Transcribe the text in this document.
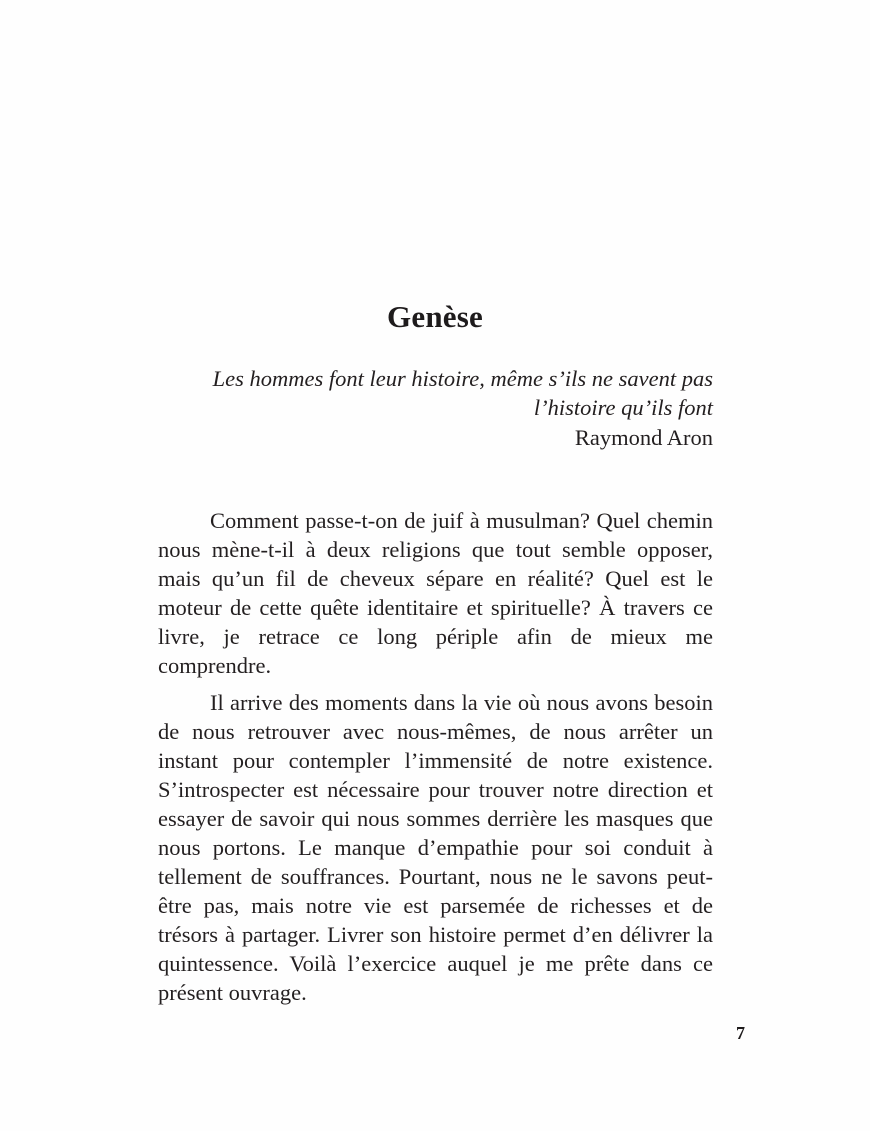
Genèse

Les hommes font leur histoire, même s’ils ne savent pas
l’histoire qu’ils font

Raymond Aron

Comment passe-t-on de juif à musulman? Quel chemin nous mène-t-il à deux religions que tout semble opposer, mais qu’un fil de cheveux sépare en réalité? Quel est le moteur de cette quête identitaire et spirituelle? À travers ce livre, je retrace ce long périple afin de mieux me comprendre.

Il arrive des moments dans la vie où nous avons besoin de nous retrouver avec nous-mêmes, de nous arrêter un instant pour contempler l’immensité de notre existence. S’introspecter est nécessaire pour trouver notre direction et essayer de savoir qui nous sommes derrière les masques que nous portons. Le manque d’empathie pour soi conduit à tellement de souffrances. Pourtant, nous ne le savons peut-être pas, mais notre vie est parsemée de richesses et de trésors à partager. Livrer son histoire permet d’en délivrer la quintessence. Voilà l’exercice auquel je me prête dans ce présent ouvrage.

7
